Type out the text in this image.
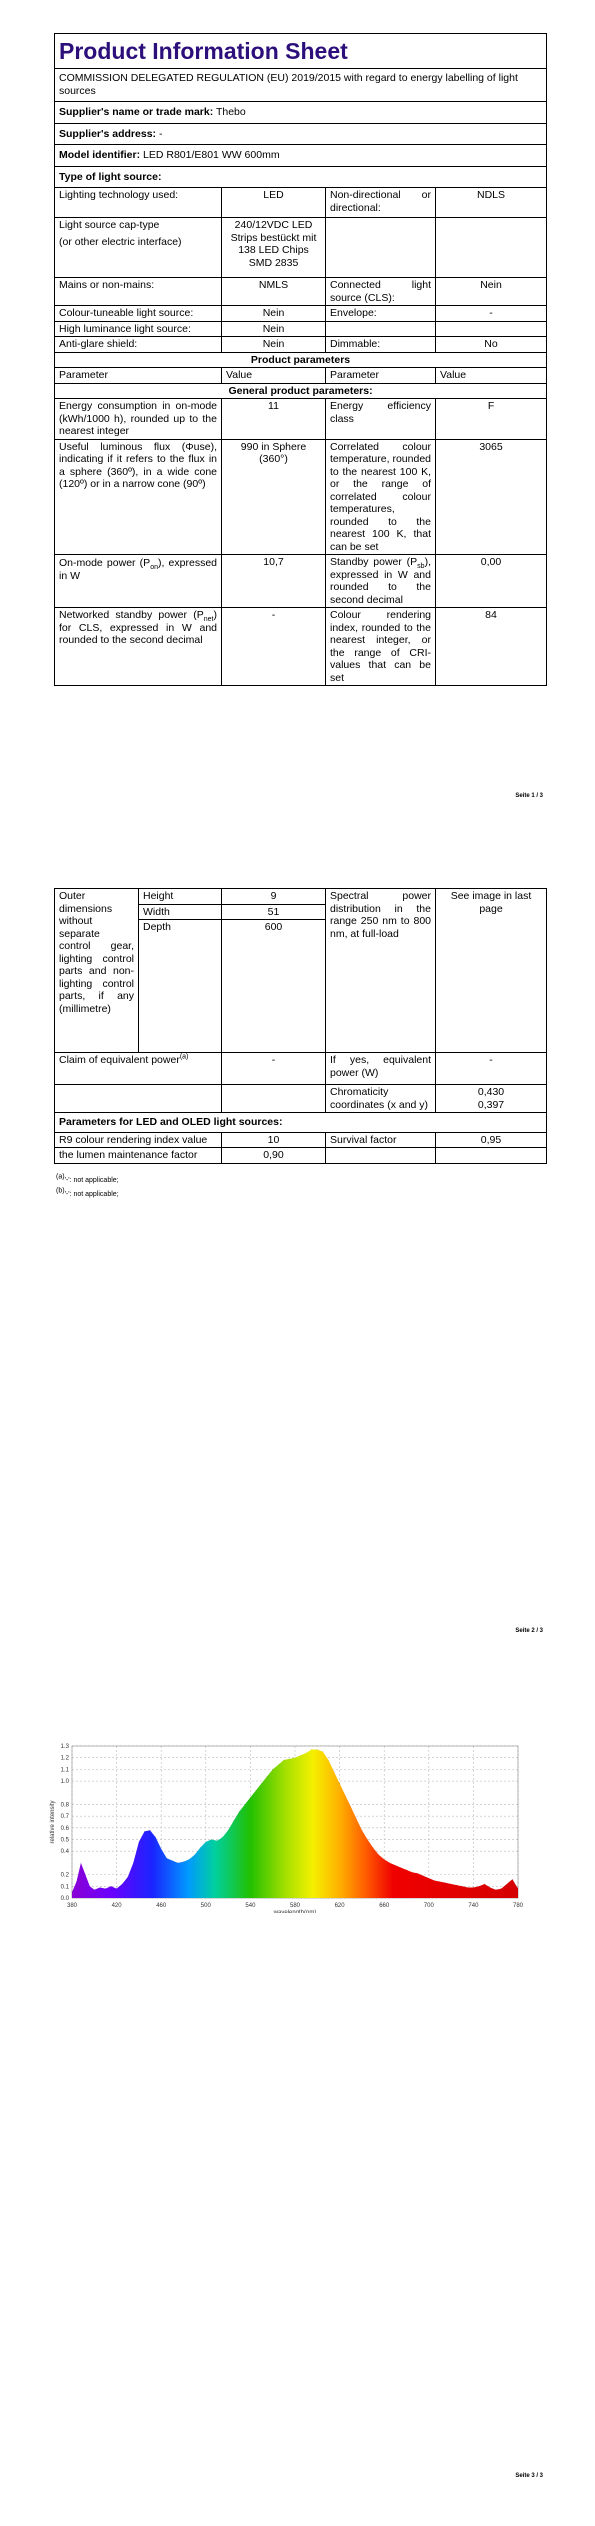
Product Information Sheet			
COMMISSION DELEGATED REGULATION (EU) 2019/2015 with regard to energy labelling of light sources			
Supplier's name or trade mark: Thebo			
Supplier's address: -			
Model identifier: LED R801/E801 WW 600mm			
Type of light source:			
Lighting technology used:	LED	Non-directional or directional:	NDLS

Light source cap-type
(or other electric interface)	240/12VDC LED Strips bestückt mit 138 LED Chips SMD 2835		
Mains or non-mains:	NMLS	Connected light source (CLS):	Nein
Colour-tuneable light source:	Nein	Envelope:	-
High luminance light source:	Nein		
Anti-glare shield:	Nein	Dimmable:	No
Product parameters			
Parameter	Value	Parameter	Value
General product parameters:			
Energy consumption in on-mode (kWh/1000 h), rounded up to the nearest integer	11	Energy efficiency class	F
Useful luminous flux (Φuse), indicating if it refers to the flux in a sphere (360º), in a wide cone (120º) or in a narrow cone (90º)	990 in Sphere (360°)	Correlated colour temperature, rounded to the nearest 100 K, or the range of correlated colour temperatures, rounded to the nearest 100 K, that can be set	3065
On-mode power $(P_{on})$, expressed in W	10,7	Standby power $(P_{sb})$, expressed in W and rounded to the second decimal	0,00
Networked standby power $(P_{net})$ for CLS, expressed in W and rounded to the second decimal	-	Colour rendering index, rounded to the nearest integer, or the range of CRI-values that can be set	84
Seite 1 / 3
Outer dimensions without separate control gear, lighting control parts and non-lighting control parts, if any (millimetre)	Height	9	Spectral power distribution in the range 250 nm to 800 nm, at full-load	See image in last page
	Width	51		
	Depth	600		
Claim of equivalent power$^{(a)}$		-	If yes, equivalent power (W)	-
			Chromaticity coordinates (x and y)	0,430
0,397

Parameters for LED and OLED light sources:				
R9 colour rendering index value		10	Survival factor	0,95
the lumen maintenance factor		0,90		
$^{(a)}$'-': not applicable;
$^{(b)}$'-': not applicable;
Seite 2 / 3
Seite 3 / 3
0.0
0.1
0.2
0.4
0.5
0.6
0.7
0.8
1.0
1.1
1.2
1.3
380	420	460	500	540	580	620	660	700	740	780
wavelength(nm)
relative intensity
